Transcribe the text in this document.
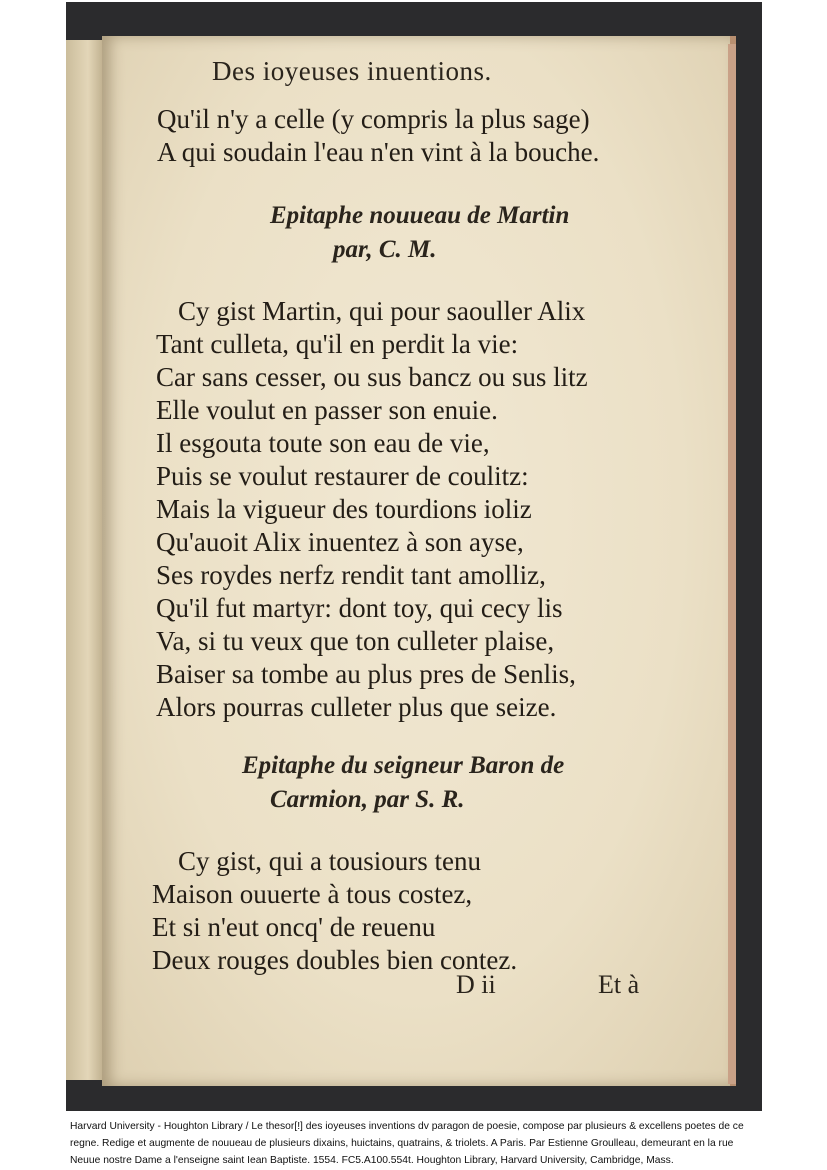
Des ioyeuses inuentions.

Qu'il n'y a celle (y compris la plus sage)

A qui soudain l'eau n'en vint à la bouche.

Epitaphe nouueau de Martin

par, C. M.

Cy gist Martin, qui pour saouller Alix

Tant culleta, qu'il en perdit la vie:

Car sans cesser, ou sus bancz ou sus litz

Elle voulut en passer son enuie.

Il esgouta toute son eau de vie,

Puis se voulut restaurer de coulitz:

Mais la vigueur des tourdions ioliz

Qu'auoit Alix inuentez à son ayse,

Ses roydes nerfz rendit tant amolliz,

Qu'il fut martyr: dont toy, qui cecy lis

Va, si tu veux que ton culleter plaise,

Baiser sa tombe au plus pres de Senlis,

Alors pourras culleter plus que seize.

Epitaphe du seigneur Baron de

Carmion, par S. R.

Cy gist, qui a tousiours tenu

Maison ouuerte à tous costez,

Et si n'eut oncq' de reuenu

Deux rouges doubles bien contez.

D ii	Et à

Harvard University - Houghton Library / Le thesor[!] des ioyeuses inventions dv paragon de poesie, compose par plusieurs & excellens poetes de ce regne. Redige et augmente de nouueau de plusieurs dixains, huictains, quatrains, & triolets. A Paris. Par Estienne Groulleau, demeurant en la rue Neuue nostre Dame a l'enseigne saint Iean Baptiste. 1554. FC5.A100.554t. Houghton Library, Harvard University, Cambridge, Mass.
